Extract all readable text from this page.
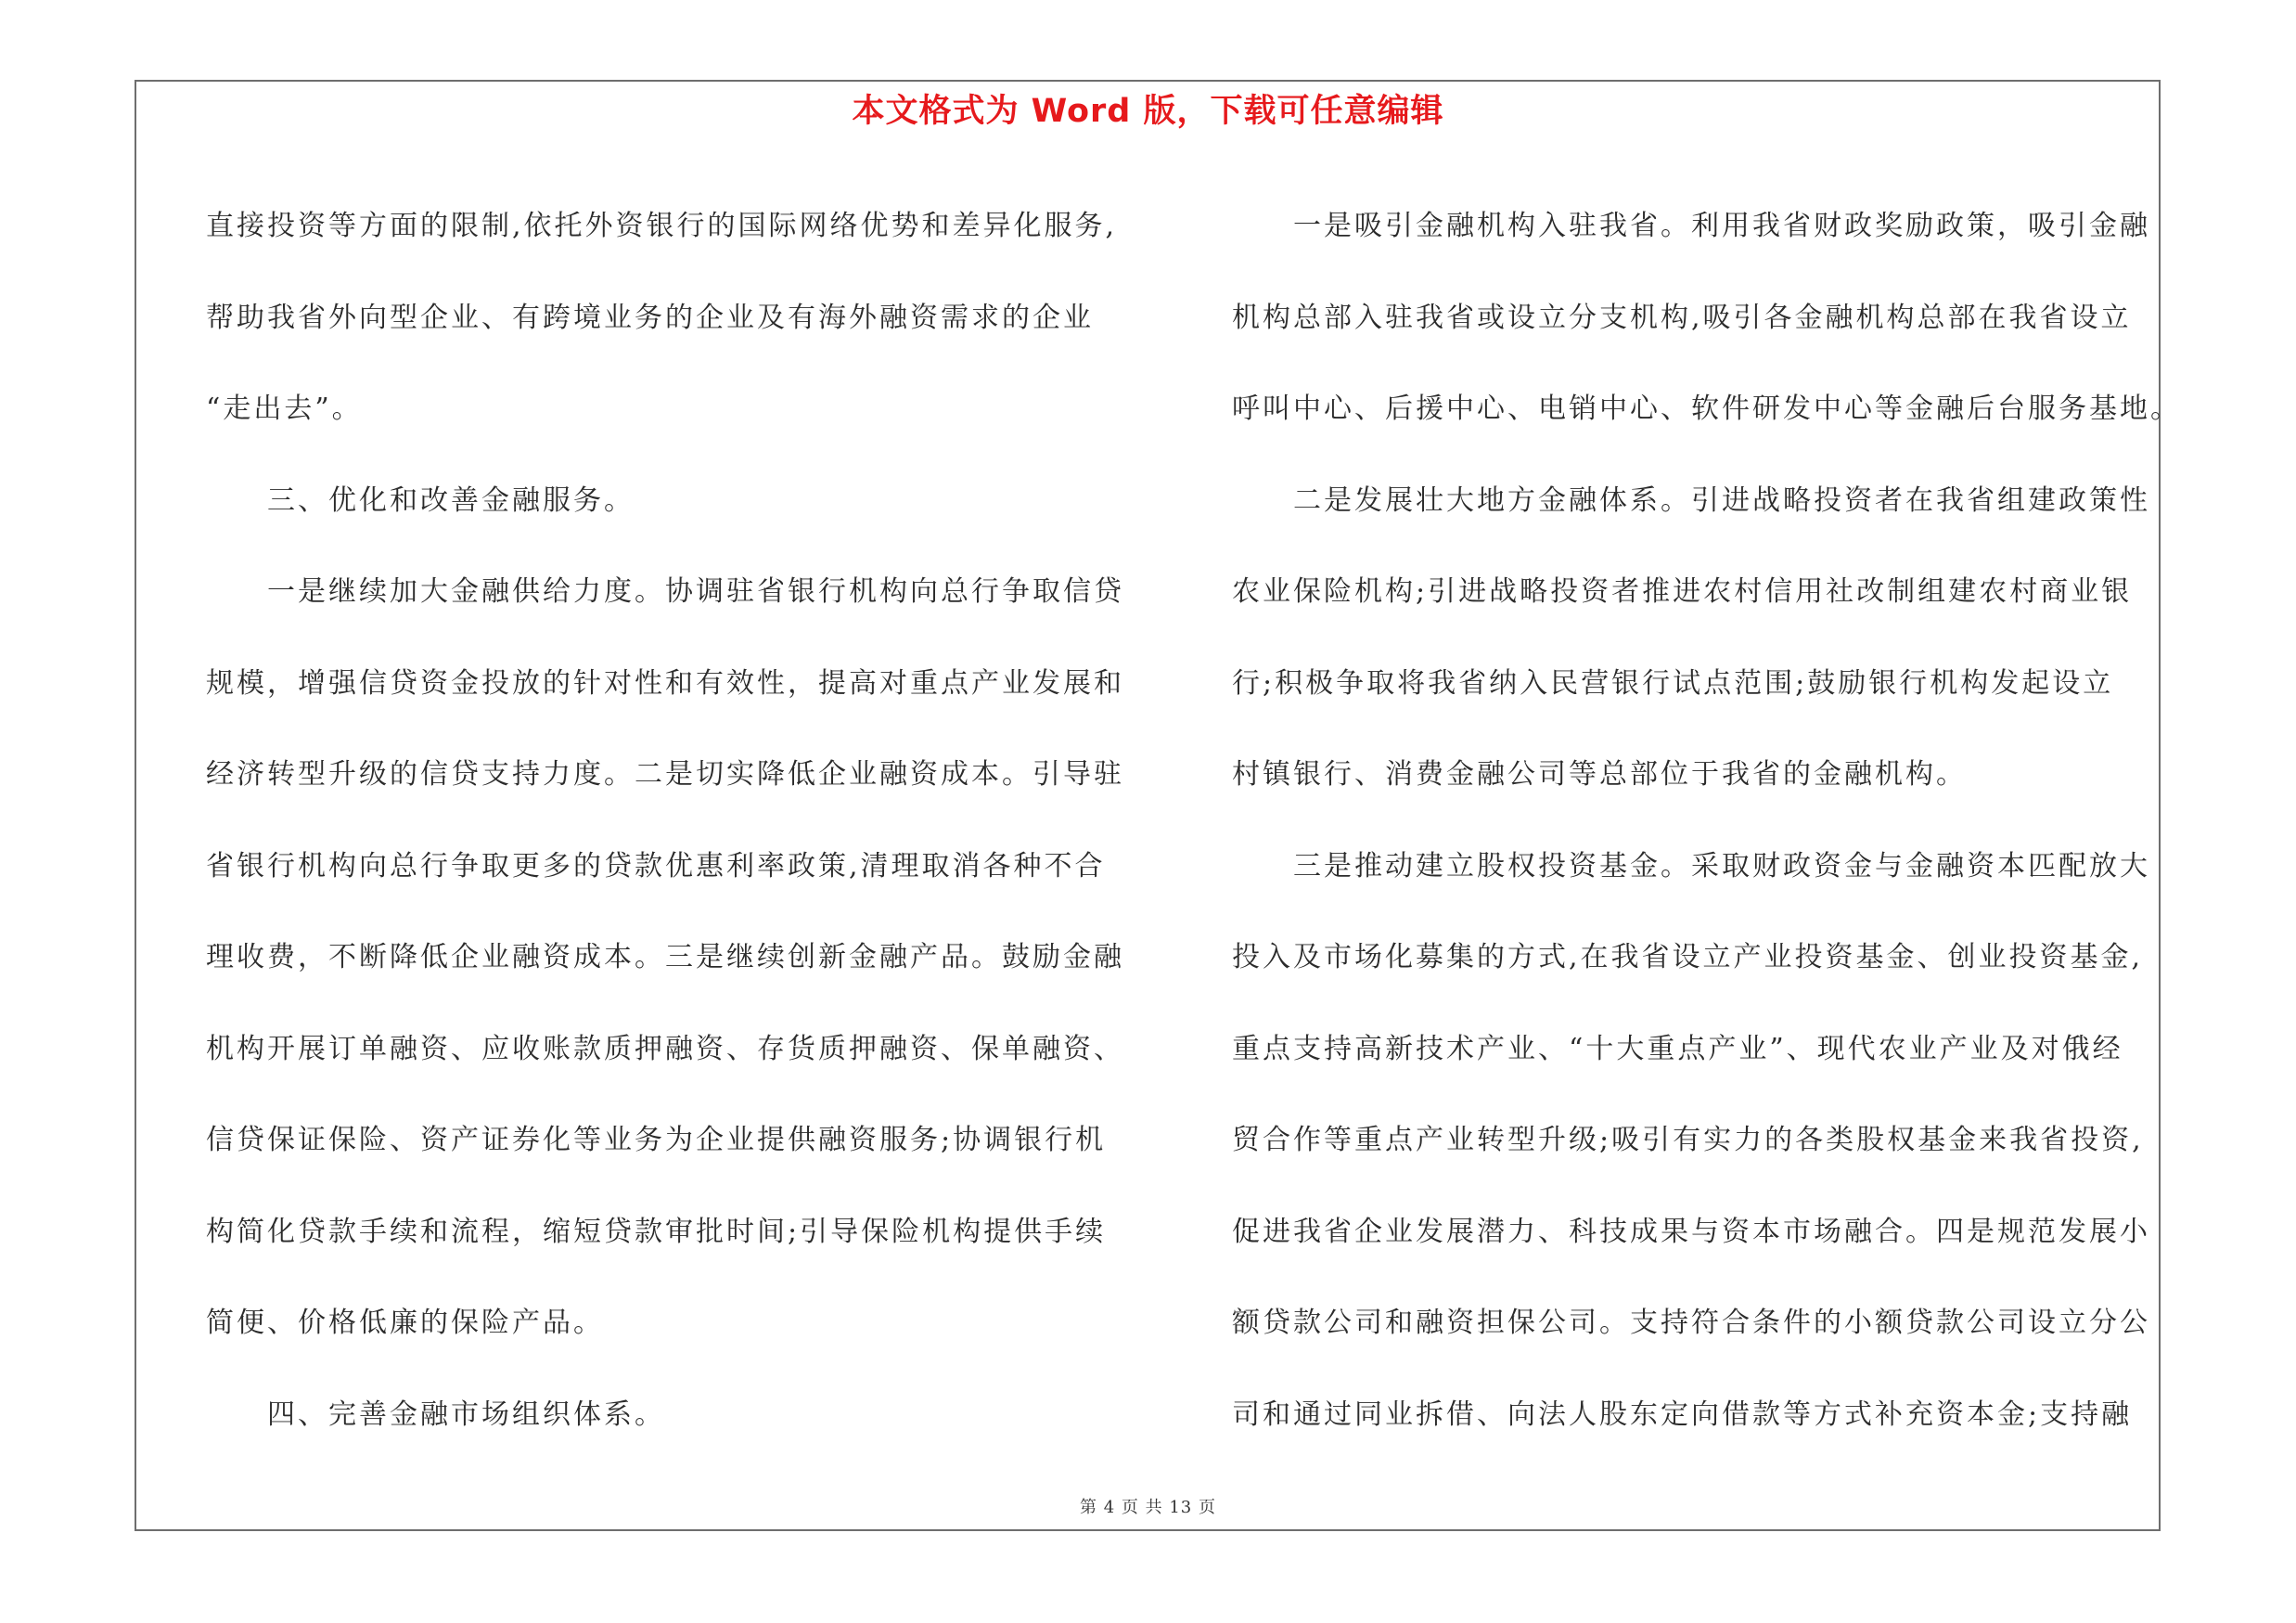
本文格式为 Word 版，下载可任意编辑
直接投资等方面的限制,依托外资银行的国际网络优势和差异化服务,
帮助我省外向型企业、有跨境业务的企业及有海外融资需求的企业
“走出去”。
三、优化和改善金融服务。
一是继续加大金融供给力度。协调驻省银行机构向总行争取信贷
规模，增强信贷资金投放的针对性和有效性，提高对重点产业发展和
经济转型升级的信贷支持力度。二是切实降低企业融资成本。引导驻
省银行机构向总行争取更多的贷款优惠利率政策,清理取消各种不合
理收费，不断降低企业融资成本。三是继续创新金融产品。鼓励金融
机构开展订单融资、应收账款质押融资、存货质押融资、保单融资、
信贷保证保险、资产证券化等业务为企业提供融资服务;协调银行机
构简化贷款手续和流程，缩短贷款审批时间;引导保险机构提供手续
简便、价格低廉的保险产品。
四、完善金融市场组织体系。
一是吸引金融机构入驻我省。利用我省财政奖励政策，吸引金融
机构总部入驻我省或设立分支机构,吸引各金融机构总部在我省设立
呼叫中心、后援中心、电销中心、软件研发中心等金融后台服务基地。
二是发展壮大地方金融体系。引进战略投资者在我省组建政策性
农业保险机构;引进战略投资者推进农村信用社改制组建农村商业银
行;积极争取将我省纳入民营银行试点范围;鼓励银行机构发起设立
村镇银行、消费金融公司等总部位于我省的金融机构。
三是推动建立股权投资基金。采取财政资金与金融资本匹配放大
投入及市场化募集的方式,在我省设立产业投资基金、创业投资基金,
重点支持高新技术产业、“十大重点产业”、现代农业产业及对俄经
贸合作等重点产业转型升级;吸引有实力的各类股权基金来我省投资,
促进我省企业发展潜力、科技成果与资本市场融合。四是规范发展小
额贷款公司和融资担保公司。支持符合条件的小额贷款公司设立分公
司和通过同业拆借、向法人股东定向借款等方式补充资本金;支持融
第 4 页 共 13 页
